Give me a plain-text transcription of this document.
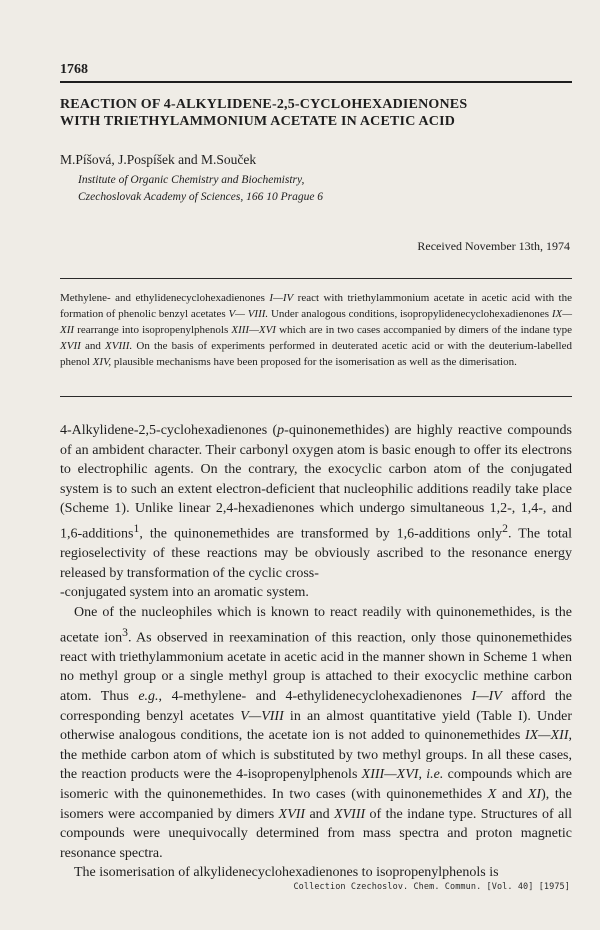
1768
REACTION OF 4-ALKYLIDENE-2,5-CYCLOHEXADIENONES
WITH TRIETHYLAMMONIUM ACETATE IN ACETIC ACID
M.Píšová, J.Pospíšek and M.Souček
Institute of Organic Chemistry and Biochemistry,
Czechoslovak Academy of Sciences, 166 10 Prague 6
Received November 13th, 1974

Methylene- and ethylidenecyclohexadienones I—IV react with triethylammonium acetate in acetic acid with the formation of phenolic benzyl acetates V— VIII. Under analogous conditions, isopropylidenecyclohexadienones IX—XII rearrange into isopropenylphenols XIII—XVI which are in two cases accompanied by dimers of the indane type XVII and XVIII. On the basis of experiments performed in deuterated acetic acid or with the deuterium-labelled phenol XIV, plausible mechanisms have been proposed for the isomerisation as well as the dimerisation.

4-Alkylidene-2,5-cyclohexadienones (p-quinonemethides) are highly reactive compounds of an ambident character. Their carbonyl oxygen atom is basic enough to offer its electrons to electrophilic agents. On the contrary, the exocyclic carbon atom of the conjugated system is to such an extent electron-deficient that nucleophilic additions readily take place (Scheme 1). Unlike linear 2,4-hexadienones which undergo simultaneous 1,2-, 1,4-, and 1,6-additions$^1$, the quinonemethides are transformed by 1,6-additions only$^2$. The total regioselectivity of these reactions may be obviously ascribed to the resonance energy released by transformation of the cyclic cross-
-conjugated system into an aromatic system.

One of the nucleophiles which is known to react readily with quinonemethides, is the acetate ion$^3$. As observed in reexamination of this reaction, only those quinonemethides react with triethylammonium acetate in acetic acid in the manner shown in Scheme 1 when no methyl group or a single methyl group is attached to their exocyclic methine carbon atom. Thus e.g., 4-methylene- and 4-ethylidenecyclohexadienones I—IV afford the corresponding benzyl acetates V—VIII in an almost quantitative yield (Table I). Under otherwise analogous conditions, the acetate ion is not added to quinonemethides IX—XII, the methide carbon atom of which is substituted by two methyl groups. In all these cases, the reaction products were the 4-isopropenylphenols XIII—XVI, i.e. compounds which are isomeric with the quinonemethides. In two cases (with quinonemethides X and XI), the isomers were accompanied by dimers XVII and XVIII of the indane type. Structures of all compounds were unequivocally determined from mass spectra and proton magnetic resonance spectra.

The isomerisation of alkylidenecyclohexadienones to isopropenylphenols is

Collection Czechoslov. Chem. Commun. [Vol. 40] [1975]
